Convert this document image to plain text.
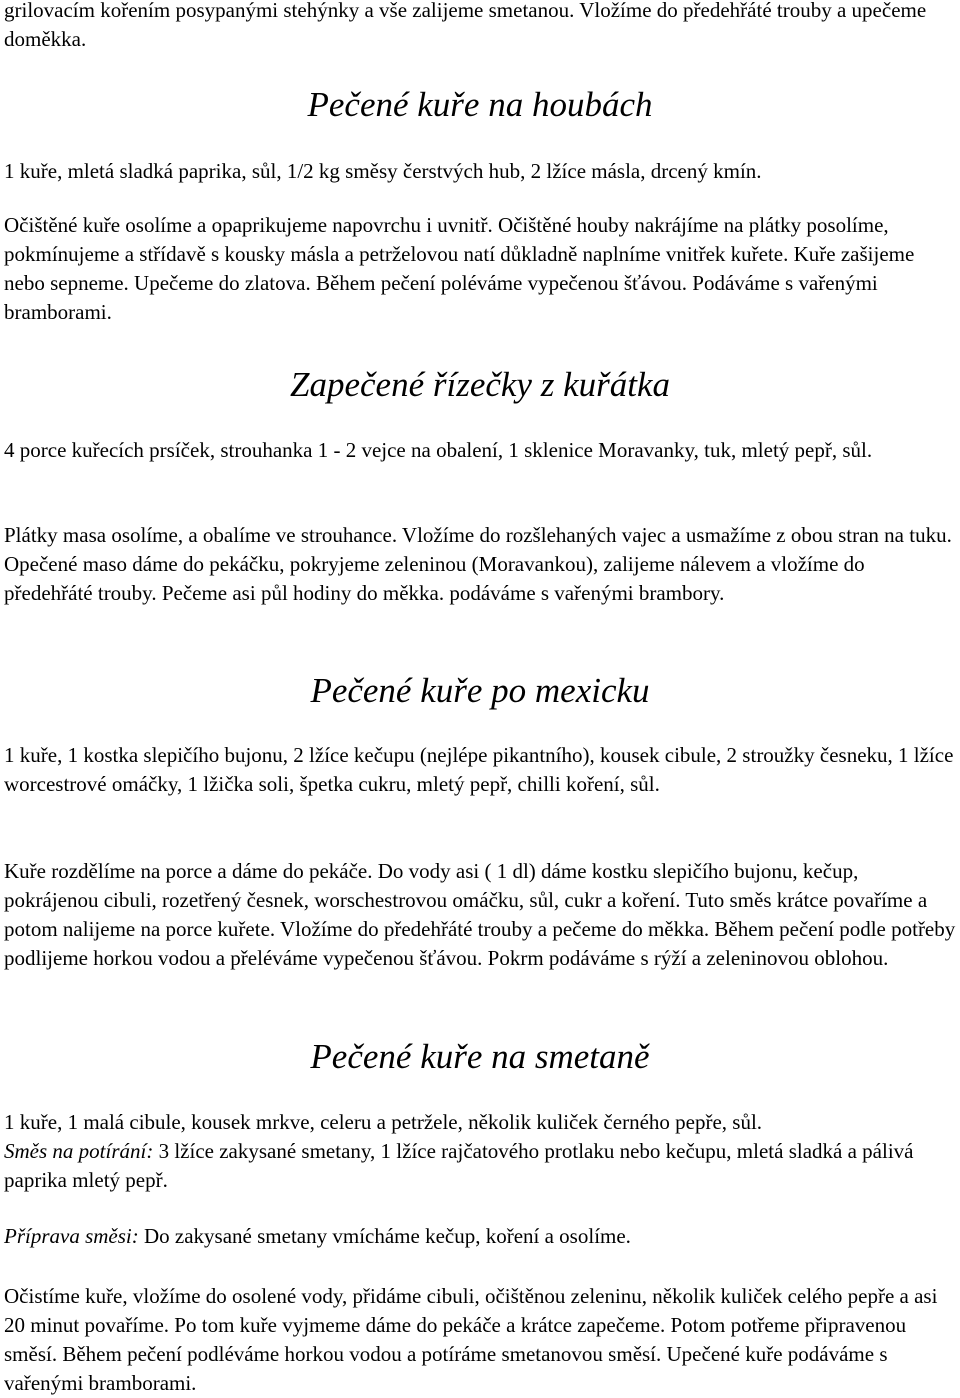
grilovacím kořením posypanými stehýnky a vše zalijeme smetanou. Vložíme do předehřáté trouby a upečeme doměkka.

Pečené kuře na houbách

1 kuře, mletá sladká paprika, sůl, 1/2 kg směsy čerstvých hub, 2 lžíce másla, drcený kmín.

Očištěné kuře osolíme a opaprikujeme napovrchu i uvnitř. Očištěné houby nakrájíme na plátky posolíme, pokmínujeme a střídavě s kousky másla a petrželovou natí důkladně naplníme vnitřek kuřete. Kuře zašijeme nebo sepneme. Upečeme do zlatova. Během pečení poléváme vypečenou šťávou. Podáváme s vařenými bramborami.

Zapečené řízečky z kuřátka

4 porce kuřecích prsíček, strouhanka 1 - 2 vejce na obalení, 1 sklenice Moravanky, tuk, mletý pepř, sůl.

Plátky masa osolíme, a obalíme ve strouhance. Vložíme do rozšlehaných vajec a usmažíme z obou stran na tuku. Opečené maso dáme do pekáčku, pokryjeme zeleninou (Moravankou), zalijeme nálevem a vložíme do předehřáté trouby. Pečeme asi půl hodiny do měkka. podáváme s vařenými brambory.

Pečené kuře po mexicku

1 kuře, 1 kostka slepičího bujonu, 2 lžíce kečupu (nejlépe pikantního), kousek cibule, 2 stroužky česneku, 1 lžíce worcestrové omáčky, 1 lžička soli, špetka cukru, mletý pepř, chilli koření, sůl.

Kuře rozdělíme na porce a dáme do pekáče. Do vody asi ( 1 dl) dáme kostku slepičího bujonu, kečup, pokrájenou cibuli, rozetřený česnek, worschestrovou omáčku, sůl, cukr a koření. Tuto směs krátce povaříme a potom nalijeme na porce kuřete. Vložíme do předehřáté trouby a pečeme do měkka. Během pečení podle potřeby podlijeme horkou vodou a přeléváme vypečenou šťávou. Pokrm podáváme s rýží a zeleninovou oblohou.

Pečené kuře na smetaně

1 kuře, 1 malá cibule, kousek mrkve, celeru a petržele, několik kuliček černého pepře, sůl.

Směs na potírání: 3 lžíce zakysané smetany, 1 lžíce rajčatového protlaku nebo kečupu, mletá sladká a pálivá paprika mletý pepř.

Příprava směsi: Do zakysané smetany vmícháme kečup, koření a osolíme.

Očistíme kuře, vložíme do osolené vody, přidáme cibuli, očištěnou zeleninu, několik kuliček celého pepře a asi 20 minut povaříme. Po tom kuře vyjmeme dáme do pekáče a krátce zapečeme. Potom potřeme připravenou směsí. Během pečení podléváme horkou vodou a potíráme smetanovou směsí. Upečené kuře podáváme s vařenými bramborami.
